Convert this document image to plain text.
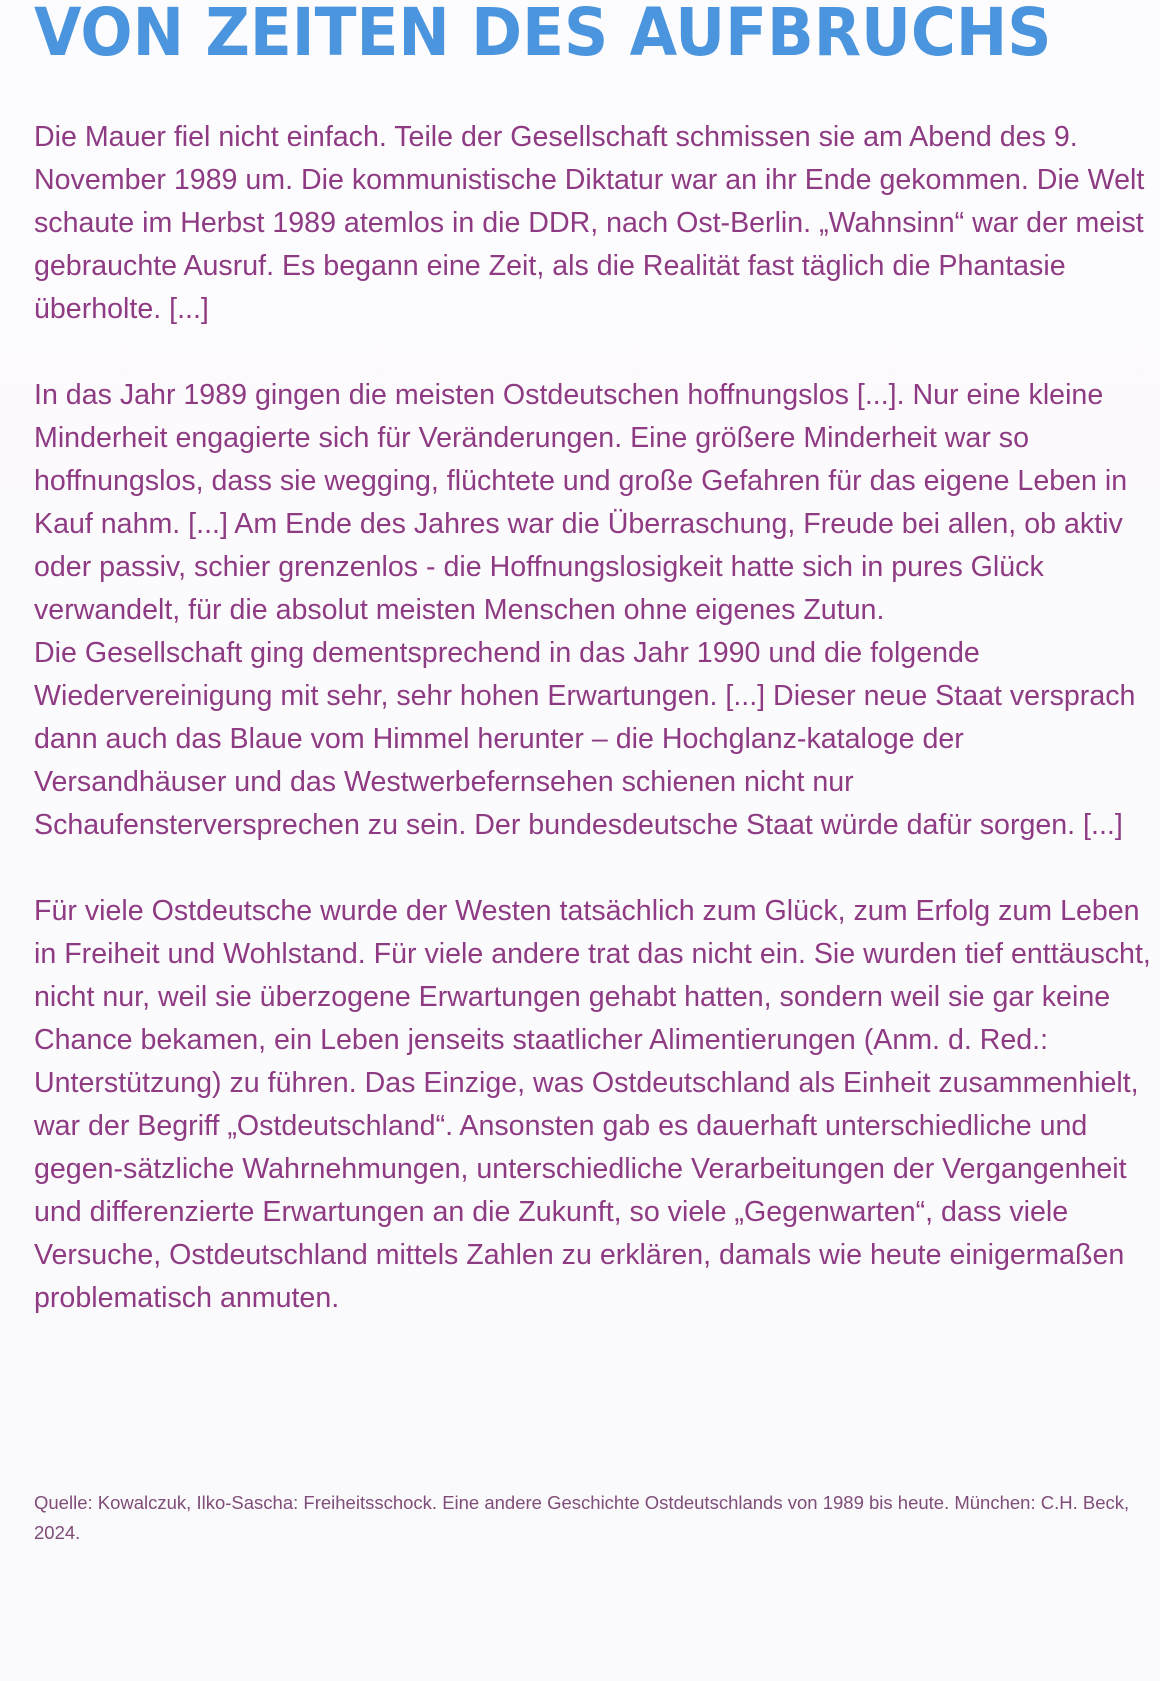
VON ZEITEN DES AUFBRUCHS

Die Mauer fiel nicht einfach. Teile der Gesellschaft schmissen sie am Abend des 9. November 1989 um. Die kommunistische Diktatur war an ihr Ende gekommen. Die Welt schaute im Herbst 1989 atemlos in die DDR, nach Ost-Berlin. „Wahnsinn“ war der meist gebrauchte Ausruf. Es begann eine Zeit, als die Realität fast täglich die Phantasie überholte. [...]

In das Jahr 1989 gingen die meisten Ostdeutschen hoffnungslos [...]. Nur eine kleine Minderheit engagierte sich für Veränderungen. Eine größere Minderheit war so hoffnungslos, dass sie wegging, flüchtete und große Gefahren für das eigene Leben in Kauf nahm. [...] Am Ende des Jahres war die Überraschung, Freude bei allen, ob aktiv oder passiv, schier grenzenlos - die Hoffnungslosigkeit hatte sich in pures Glück verwandelt, für die absolut meisten Menschen ohne eigenes Zutun.

Die Gesellschaft ging dementsprechend in das Jahr 1990 und die folgende Wiedervereinigung mit sehr, sehr hohen Erwartungen. [...] Dieser neue Staat versprach dann auch das Blaue vom Himmel herunter – die Hochglanz-kataloge der Versandhäuser und das Westwerbefernsehen schienen nicht nur Schaufensterversprechen zu sein. Der bundesdeutsche Staat würde dafür sorgen. [...]

Für viele Ostdeutsche wurde der Westen tatsächlich zum Glück, zum Erfolg zum Leben in Freiheit und Wohlstand. Für viele andere trat das nicht ein. Sie wurden tief enttäuscht, nicht nur, weil sie überzogene Erwartungen gehabt hatten, sondern weil sie gar keine Chance bekamen, ein Leben jenseits staatlicher Alimentierungen (Anm. d. Red.: Unterstützung) zu führen. Das Einzige, was Ostdeutschland als Einheit zusammenhielt, war der Begriff „Ostdeutschland“. Ansonsten gab es dauerhaft unterschiedliche und gegen-sätzliche Wahrnehmungen, unterschiedliche Verarbeitungen der Vergangenheit und differenzierte Erwartungen an die Zukunft, so viele „Gegenwarten“, dass viele Versuche, Ostdeutschland mittels Zahlen zu erklären, damals wie heute einigermaßen problematisch anmuten.

Quelle: Kowalczuk, Ilko-Sascha: Freiheitsschock. Eine andere Geschichte Ostdeutschlands von 1989 bis heute. München: C.H. Beck, 2024.
